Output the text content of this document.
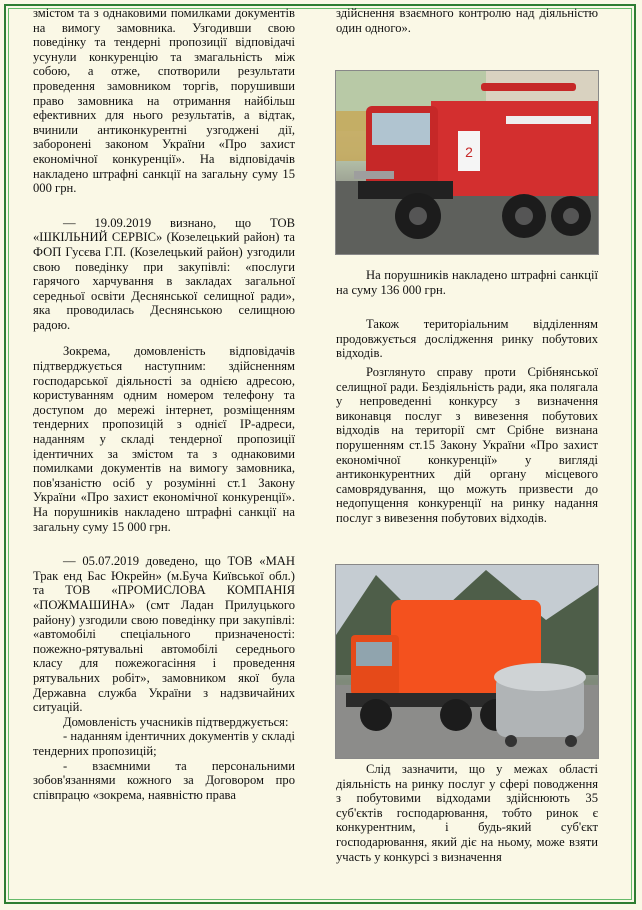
змістом та з однаковими помилками документів на вимогу замовника. Узгодивши свою поведінку та тендерні пропозиції відповідачі усунули конкуренцію та змагальність між собою, а отже, спотворили результати проведення замовником торгів, порушивши право замовника на отримання найбільш ефективних для нього результатів, а відтак, вчинили антиконкурентні узгоджені дії, заборонені законом України «Про захист економічної конкуренції». На відповідачів накладено штрафні санкції на загальну суму 15 000 грн.

— 19.09.2019 визнано, що ТОВ «ШКІЛЬНИЙ СЕРВІС» (Козелецький район) та ФОП Гусєва Г.П. (Козелецький район) узгодили свою поведінку при закупівлі: «послуги гарячого харчування в закладах загальної середньої освіти Деснянської селищної ради», яка проводилась Деснянською селищною радою.

Зокрема, домовленість відповідачів підтверджується наступним: здійсненням господарської діяльності за однією адресою, користуванням одним номером телефону та доступом до мережі інтернет, розміщенням тендерних пропозицій з однієї ІР-адреси, наданням у складі тендерної пропозиції ідентичних за змістом та з однаковими помилками документів на вимогу замовника, пов'язаністю осіб у розумінні ст.1 Закону України «Про захист економічної конкуренції». На порушників накладено штрафні санкції на загальну суму 15 000 грн.

— 05.07.2019 доведено, що ТОВ «МАН Трак енд Бас Юкрейн» (м.Буча Київської обл.) та ТОВ «ПРОМИСЛОВА КОМПАНІЯ «ПОЖМАШИНА» (смт Ладан Прилуцького району) узгодили свою поведінку при закупівлі: «автомобілі спеціального призначеності: пожежно-рятувальні автомобілі середнього класу для пожежогасіння і проведення рятувальних робіт», замовником якої була Державна служба України з надзвичайних ситуацій.

Домовленість учасників підтверджується:

- наданням ідентичних документів у складі тендерних пропозицій;

- взаємними та персональними зобов'язаннями кожного за Договором про співпрацю «зокрема, наявністю права

здійснення взаємного контролю над діяльністю один одного».

2

На порушників накладено штрафні санкції на суму 136 000 грн.

Також територіальним відділенням продовжується дослідження ринку побутових відходів.

Розглянуто справу проти Срібнянської селищної ради. Бездіяльність ради, яка полягала у непроведенні конкурсу з визначення виконавця послуг з вивезення побутових відходів на території смт Срібне визнана порушенням ст.15 Закону України «Про захист економічної конкуренції» у вигляді антиконкурентних дій органу місцевого самоврядування, що можуть призвести до недопущення конкуренції на ринку надання послуг з вивезення побутових відходів.

Слід зазначити, що у межах області діяльність на ринку послуг у сфері поводження з побутовими відходами здійснюють 35 суб'єктів господарювання, тобто ринок є конкурентним, і будь-який суб'єкт господарювання, який діє на ньому, може взяти участь у конкурсі з визначення
